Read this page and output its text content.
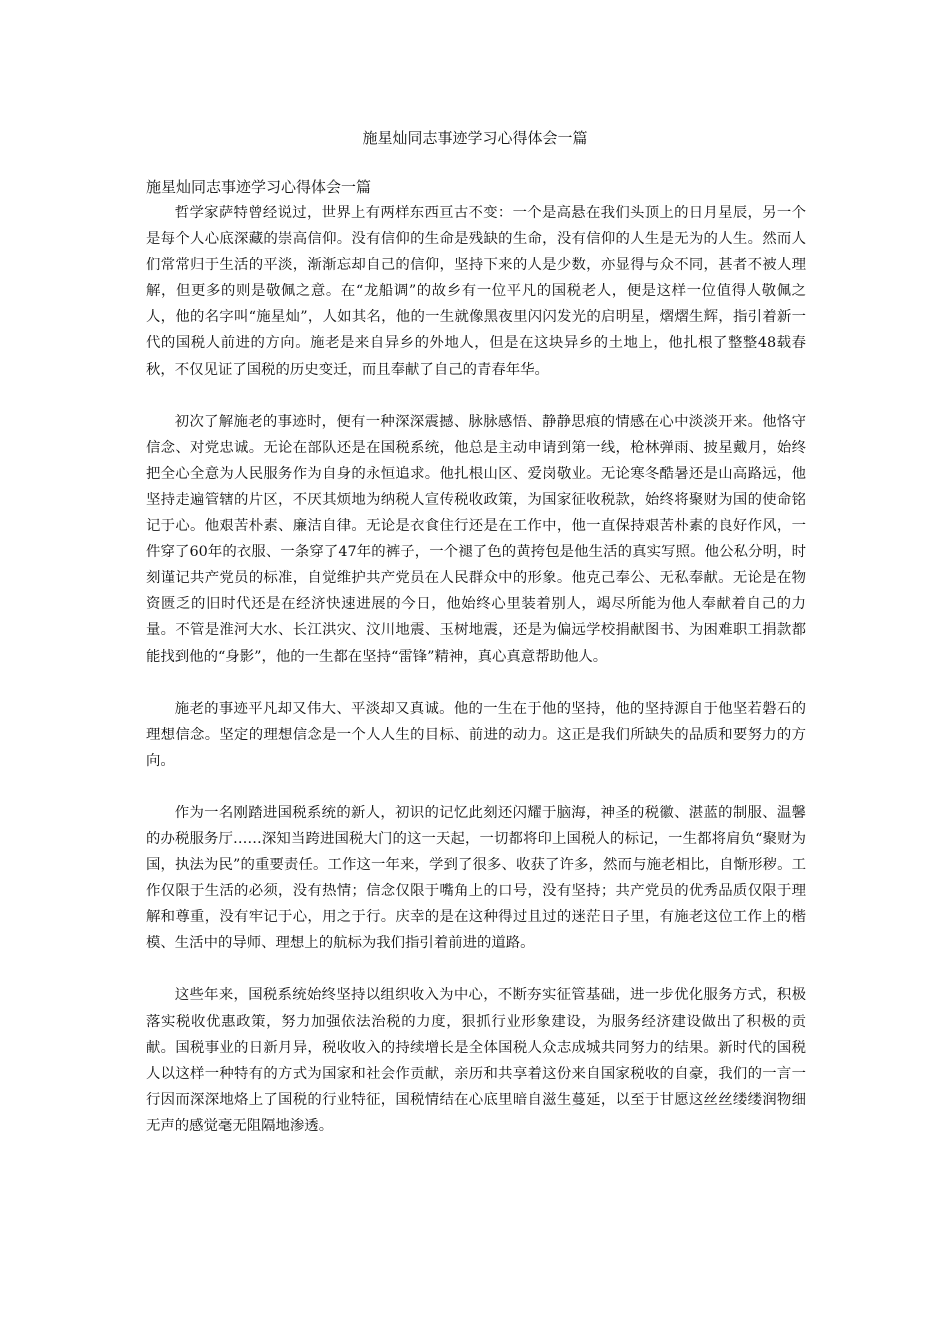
施星灿同志事迹学习心得体会一篇

施星灿同志事迹学习心得体会一篇

哲学家萨特曾经说过，世界上有两样东西亘古不变：一个是高悬在我们头顶上的日月星辰，另一个是每个人心底深藏的崇高信仰。没有信仰的生命是残缺的生命，没有信仰的人生是无为的人生。然而人们常常归于生活的平淡，渐渐忘却自己的信仰，坚持下来的人是少数，亦显得与众不同，甚者不被人理解，但更多的则是敬佩之意。在“龙船调”的故乡有一位平凡的国税老人，便是这样一位值得人敬佩之人，他的名字叫“施星灿”，人如其名，他的一生就像黑夜里闪闪发光的启明星，熠熠生辉，指引着新一代的国税人前进的方向。施老是来自异乡的外地人，但是在这块异乡的土地上，他扎根了整整48载春秋，不仅见证了国税的历史变迁，而且奉献了自己的青春年华。

初次了解施老的事迹时，便有一种深深震撼、脉脉感悟、静静思痕的情感在心中淡淡开来。他恪守信念、对党忠诚。无论在部队还是在国税系统，他总是主动申请到第一线，枪林弹雨、披星戴月，始终把全心全意为人民服务作为自身的永恒追求。他扎根山区、爱岗敬业。无论寒冬酷暑还是山高路远，他坚持走遍管辖的片区，不厌其烦地为纳税人宣传税收政策，为国家征收税款，始终将聚财为国的使命铭记于心。他艰苦朴素、廉洁自律。无论是衣食住行还是在工作中，他一直保持艰苦朴素的良好作风，一件穿了60年的衣服、一条穿了47年的裤子，一个褪了色的黄挎包是他生活的真实写照。他公私分明，时刻谨记共产党员的标准，自觉维护共产党员在人民群众中的形象。他克己奉公、无私奉献。无论是在物资匮乏的旧时代还是在经济快速进展的今日，他始终心里装着别人，竭尽所能为他人奉献着自己的力量。不管是淮河大水、长江洪灾、汶川地震、玉树地震，还是为偏远学校捐献图书、为困难职工捐款都能找到他的“身影”，他的一生都在坚持“雷锋”精神，真心真意帮助他人。

施老的事迹平凡却又伟大、平淡却又真诚。他的一生在于他的坚持，他的坚持源自于他坚若磐石的理想信念。坚定的理想信念是一个人人生的目标、前进的动力。这正是我们所缺失的品质和要努力的方向。

作为一名刚踏进国税系统的新人，初识的记忆此刻还闪耀于脑海，神圣的税徽、湛蓝的制服、温馨的办税服务厅……深知当跨进国税大门的这一天起，一切都将印上国税人的标记，一生都将肩负“聚财为国，执法为民”的重要责任。工作这一年来，学到了很多、收获了许多，然而与施老相比，自惭形秽。工作仅限于生活的必须，没有热情；信念仅限于嘴角上的口号，没有坚持；共产党员的优秀品质仅限于理解和尊重，没有牢记于心，用之于行。庆幸的是在这种得过且过的迷茫日子里，有施老这位工作上的楷模、生活中的导师、理想上的航标为我们指引着前进的道路。

这些年来，国税系统始终坚持以组织收入为中心，不断夯实征管基础，进一步优化服务方式，积极落实税收优惠政策，努力加强依法治税的力度，狠抓行业形象建设，为服务经济建设做出了积极的贡献。国税事业的日新月异，税收收入的持续增长是全体国税人众志成城共同努力的结果。新时代的国税人以这样一种特有的方式为国家和社会作贡献，亲历和共享着这份来自国家税收的自豪，我们的一言一行因而深深地烙上了国税的行业特征，国税情结在心底里暗自滋生蔓延，以至于甘愿这丝丝缕缕润物细无声的感觉毫无阻隔地渗透。
